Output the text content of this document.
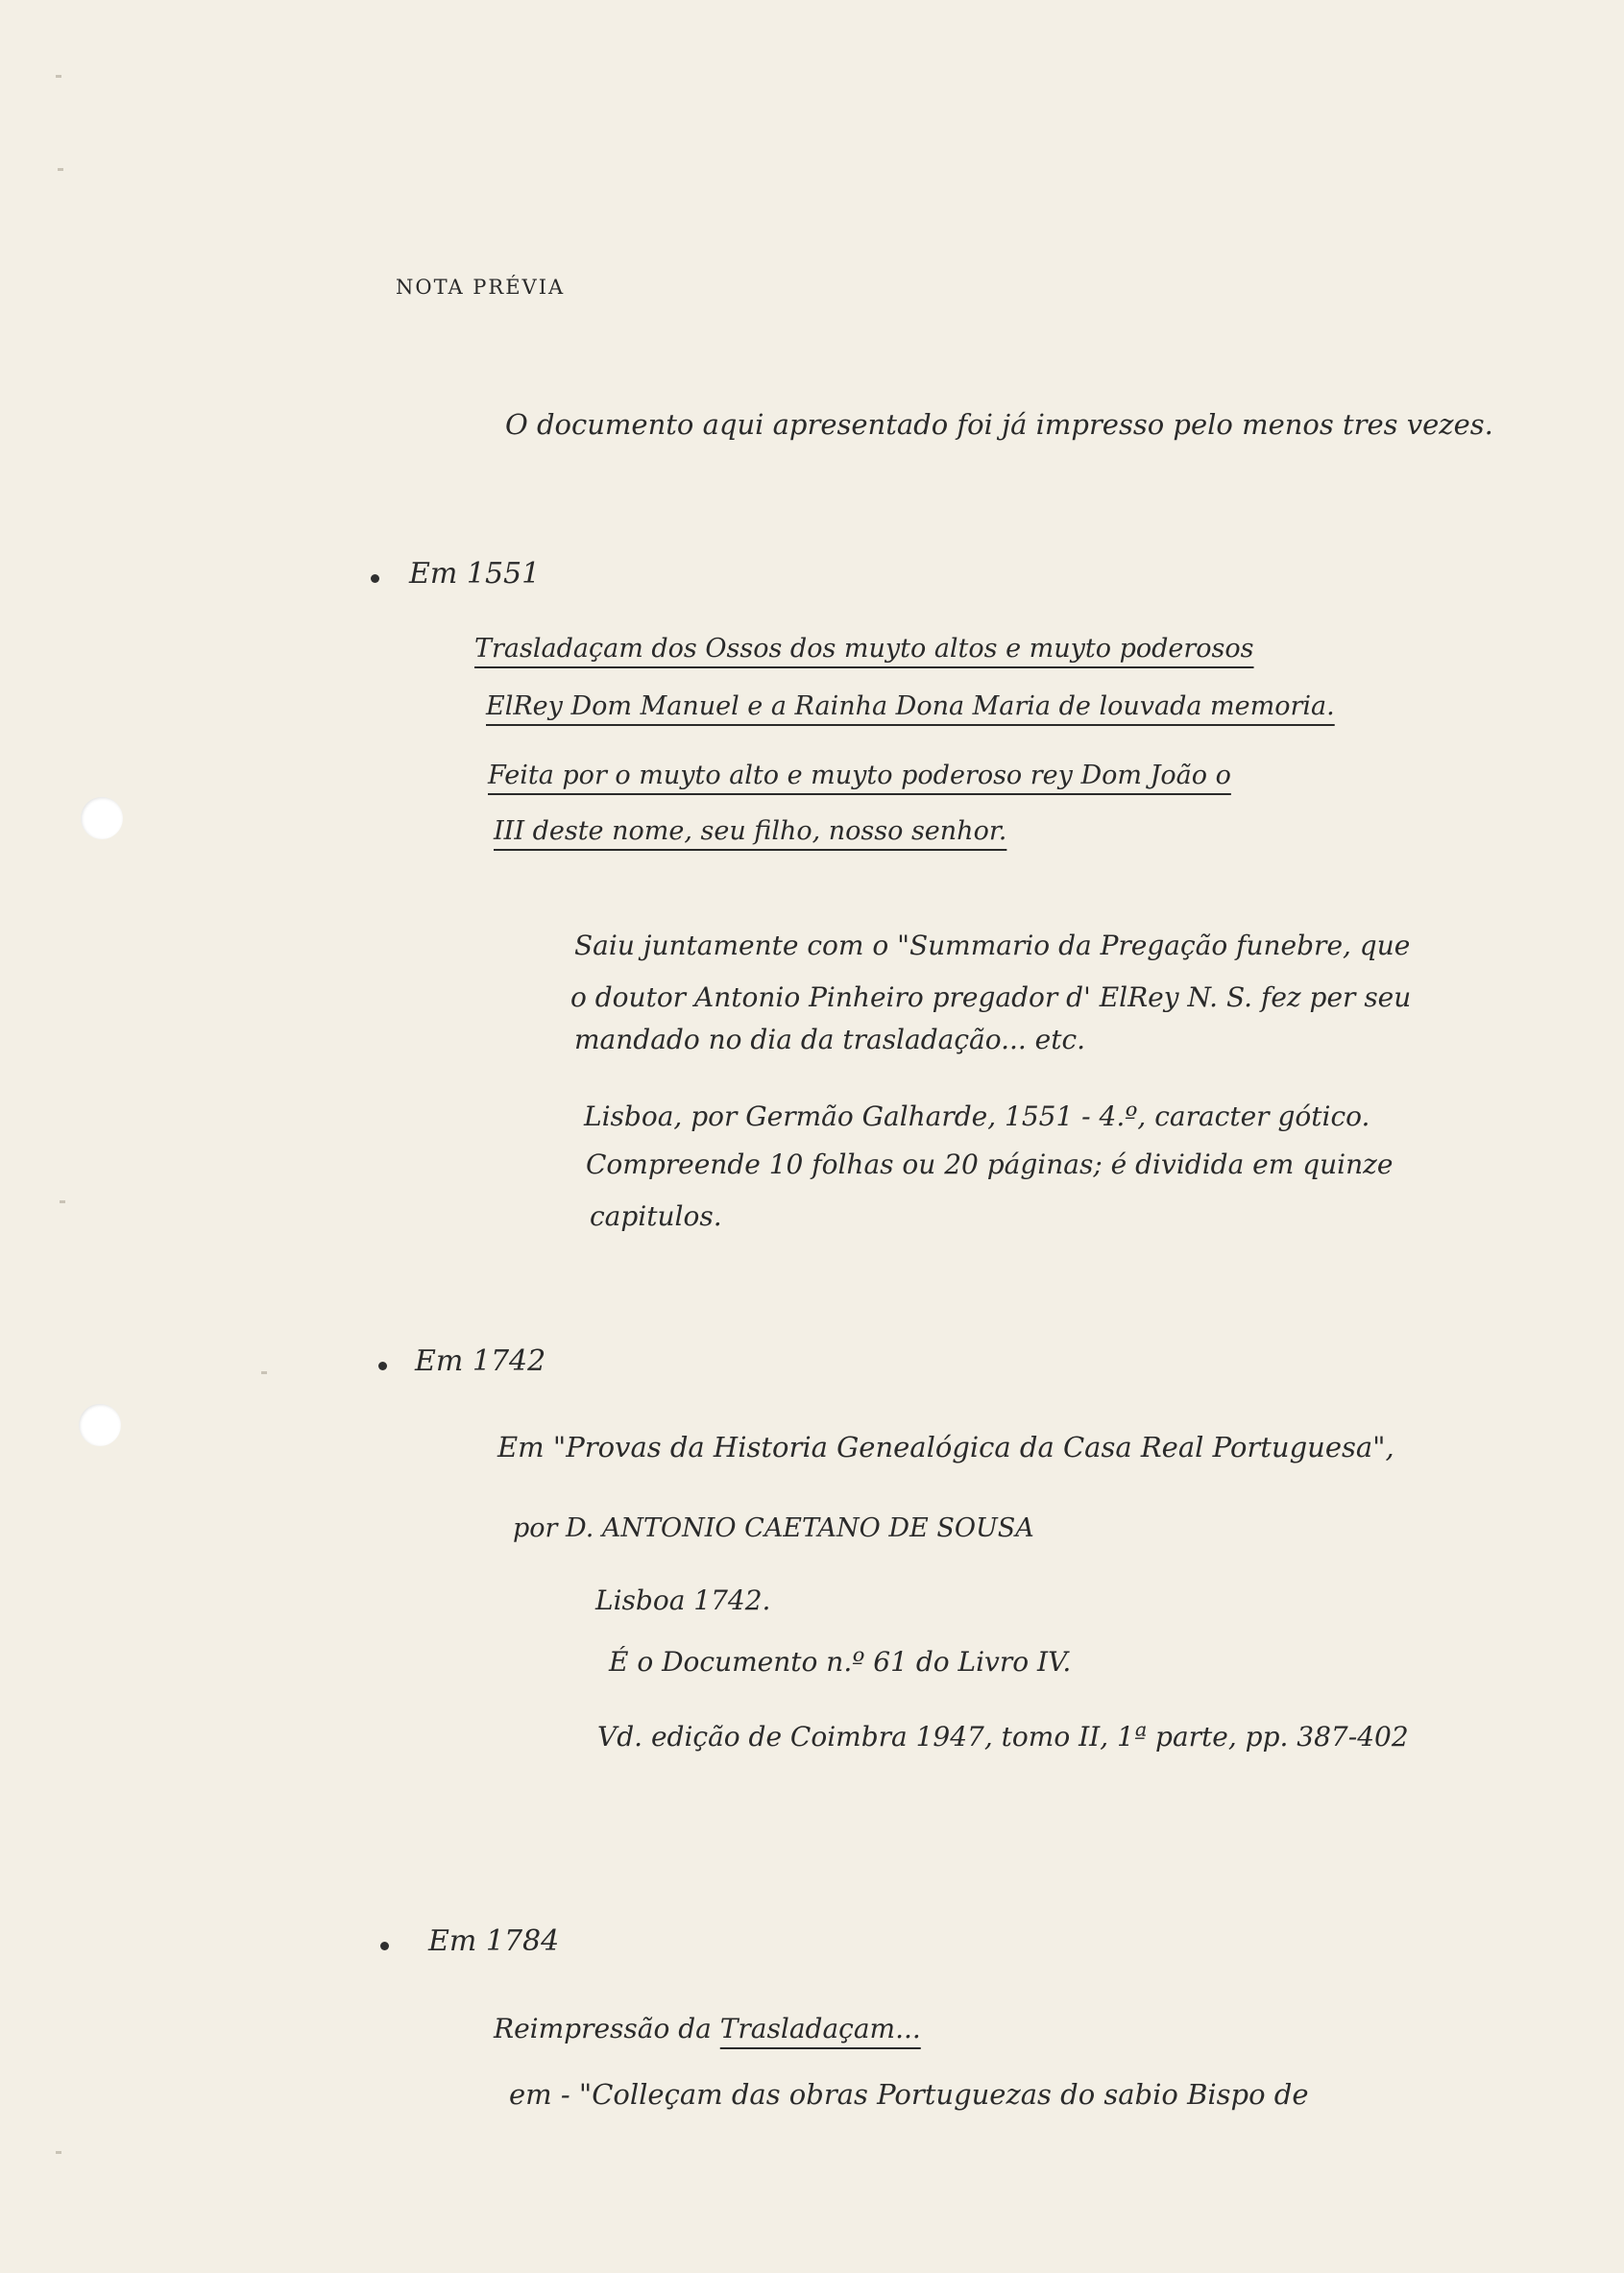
NOTA PRÉVIA
O documento aqui apresentado foi já impresso pelo menos tres vezes.
Em 1551
Trasladaçam dos Ossos dos muyto altos e muyto poderosos
ElRey Dom Manuel e a Rainha Dona Maria de louvada memoria.
Feita por o muyto alto e muyto poderoso rey Dom João o
III deste nome, seu filho, nosso senhor.
Saiu juntamente com o "Summario da Pregação funebre, que
o doutor Antonio Pinheiro pregador d' ElRey N. S. fez per seu
mandado no dia da trasladação... etc.
Lisboa, por Germão Galharde, 1551 - 4.º, caracter gótico.
Compreende 10 folhas ou 20 páginas; é dividida em quinze
capitulos.
Em 1742
Em "Provas da Historia Genealógica da Casa Real Portuguesa",
por D. ANTONIO CAETANO DE SOUSA
Lisboa 1742.
É o Documento n.º 61 do Livro IV.
Vd. edição de Coimbra 1947, tomo II, 1ª parte, pp. 387-402
Em 1784
Reimpressão da Trasladaçam...
em - "Colleçam das obras Portuguezas do sabio Bispo de
